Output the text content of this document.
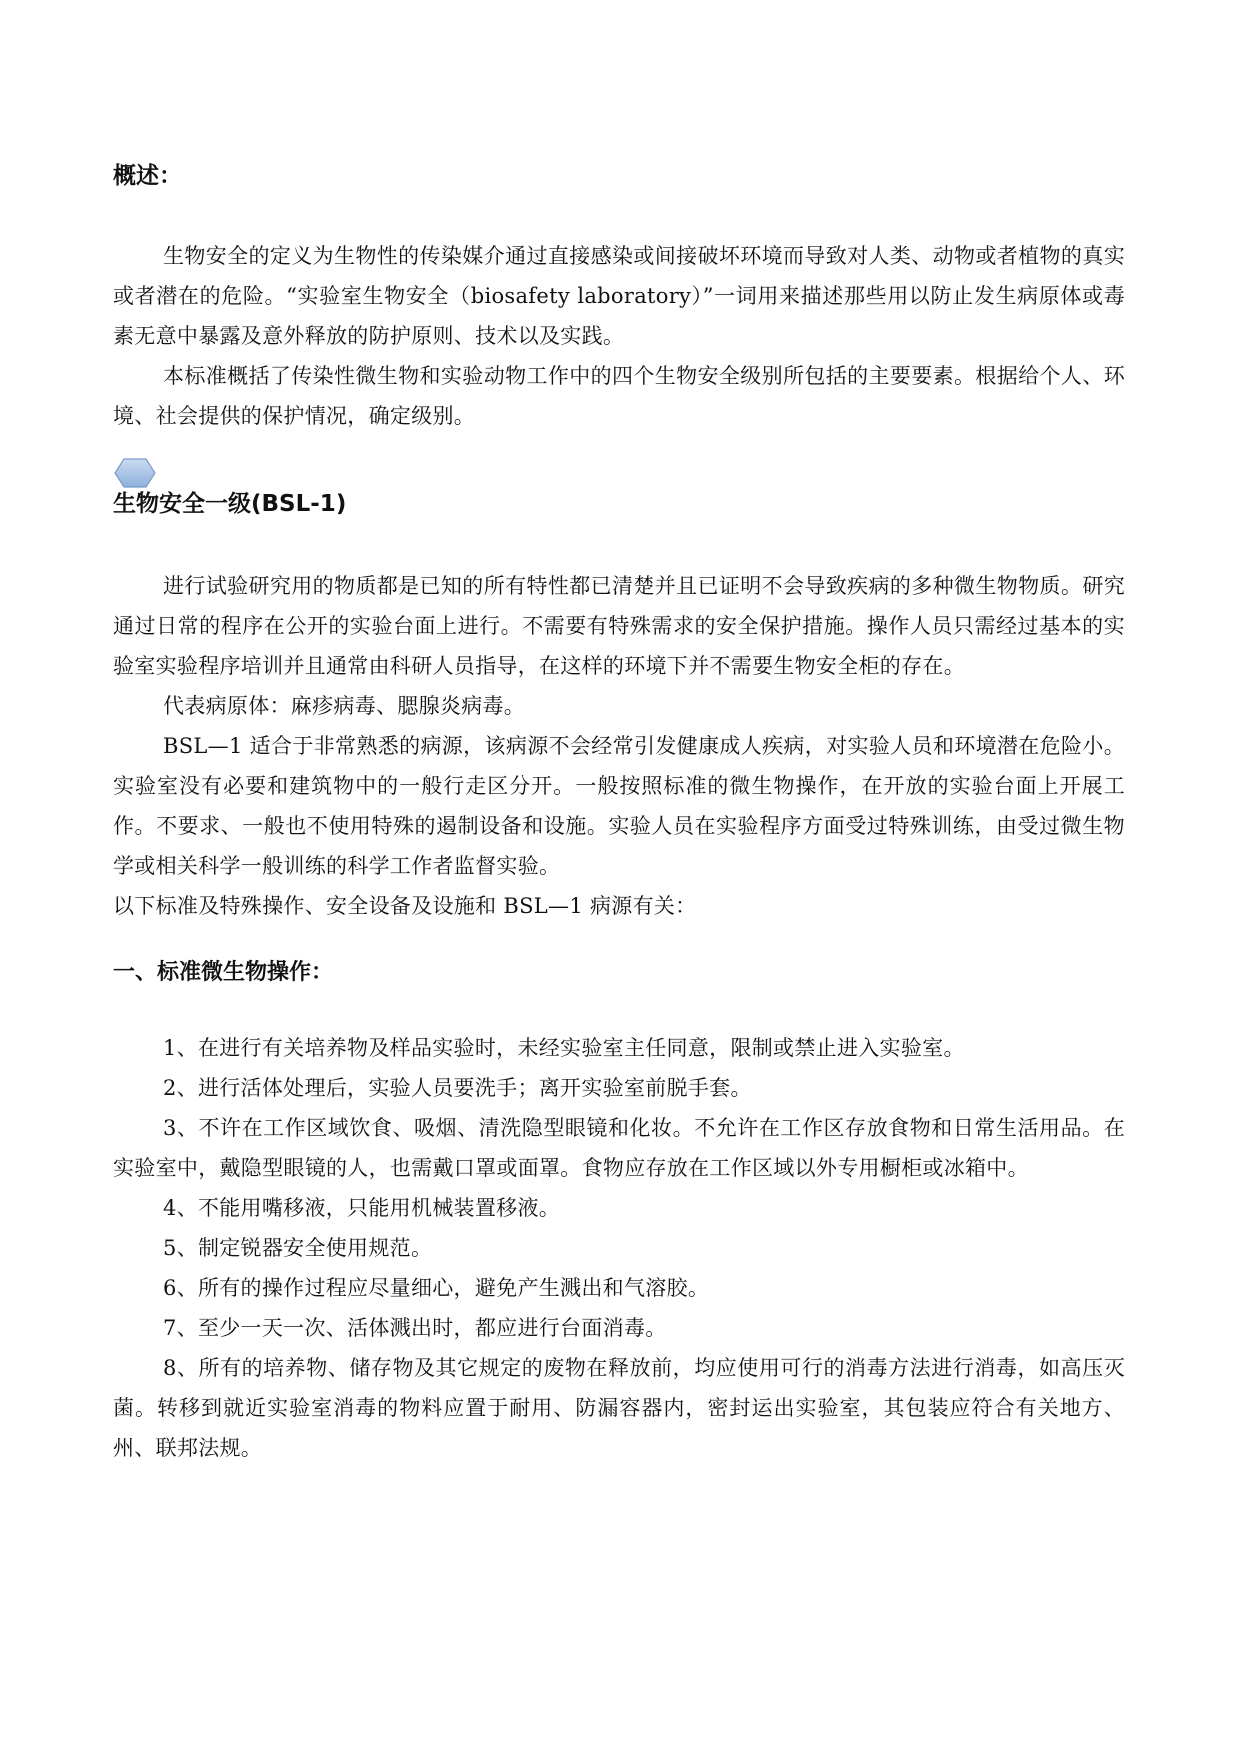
概述：

生物安全的定义为生物性的传染媒介通过直接感染或间接破坏环境而导致对人类、动物或者植物的真实或者潜在的危险。“实验室生物安全（biosafety laboratory）”一词用来描述那些用以防止发生病原体或毒素无意中暴露及意外释放的防护原则、技术以及实践。

本标准概括了传染性微生物和实验动物工作中的四个生物安全级别所包括的主要要素。根据给个人、环境、社会提供的保护情况，确定级别。

生物安全一级(BSL-1)

进行试验研究用的物质都是已知的所有特性都已清楚并且已证明不会导致疾病的多种微生物物质。研究通过日常的程序在公开的实验台面上进行。不需要有特殊需求的安全保护措施。操作人员只需经过基本的实验室实验程序培训并且通常由科研人员指导，在这样的环境下并不需要生物安全柜的存在。

代表病原体：麻疹病毒、腮腺炎病毒。

BSL—1 适合于非常熟悉的病源，该病源不会经常引发健康成人疾病，对实验人员和环境潜在危险小。实验室没有必要和建筑物中的一般行走区分开。一般按照标准的微生物操作，在开放的实验台面上开展工作。不要求、一般也不使用特殊的遏制设备和设施。实验人员在实验程序方面受过特殊训练，由受过微生物学或相关科学一般训练的科学工作者监督实验。

以下标准及特殊操作、安全设备及设施和 BSL—1 病源有关：

一、标准微生物操作：

1、在进行有关培养物及样品实验时，未经实验室主任同意，限制或禁止进入实验室。

2、进行活体处理后，实验人员要洗手；离开实验室前脱手套。

3、不许在工作区域饮食、吸烟、清洗隐型眼镜和化妆。不允许在工作区存放食物和日常生活用品。在实验室中，戴隐型眼镜的人，也需戴口罩或面罩。食物应存放在工作区域以外专用橱柜或冰箱中。

4、不能用嘴移液，只能用机械装置移液。

5、制定锐器安全使用规范。

6、所有的操作过程应尽量细心，避免产生溅出和气溶胶。

7、至少一天一次、活体溅出时，都应进行台面消毒。

8、所有的培养物、储存物及其它规定的废物在释放前，均应使用可行的消毒方法进行消毒，如高压灭菌。转移到就近实验室消毒的物料应置于耐用、防漏容器内，密封运出实验室，其包装应符合有关地方、州、联邦法规。
